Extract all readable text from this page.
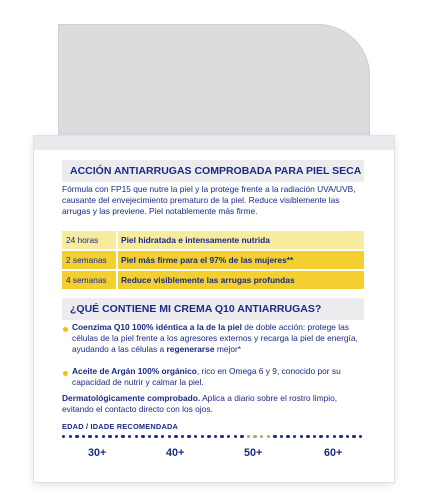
ACCIÓN ANTIARRUGAS COMPROBADA PARA PIEL SECA
Fórmula con FP15 que nutre la piel y la protege frente a la radiación UVA/UVB, causante del envejecimiento prematuro de la piel. Reduce visiblemente las arrugas y las previene. Piel notablemente más firme.
24 horas	Piel hidratada e intensamente nutrida
2 semanas Piel más firme para el 97% de las mujeres**
4 semanas Reduce visiblemente las arrugas profundas
¿QUÉ CONTIENE MI CREMA Q10 ANTIARRUGAS?
Coenzima Q10 100% idéntica a la de la piel de doble acción: protege las células de la piel frente a los agresores externos y recarga la piel de energía, ayudando a las células a regenerarse mejor*
Aceite de Argán 100% orgánico, rico en Omega 6 y 9, conocido por su capacidad de nutrir y calmar la piel.
Dermatológicamente comprobado. Aplica a diario sobre el rostro limpio, evitando el contacto directo con los ojos.
EDAD / IDADE RECOMENDADA
30+	40+	50+	60+
